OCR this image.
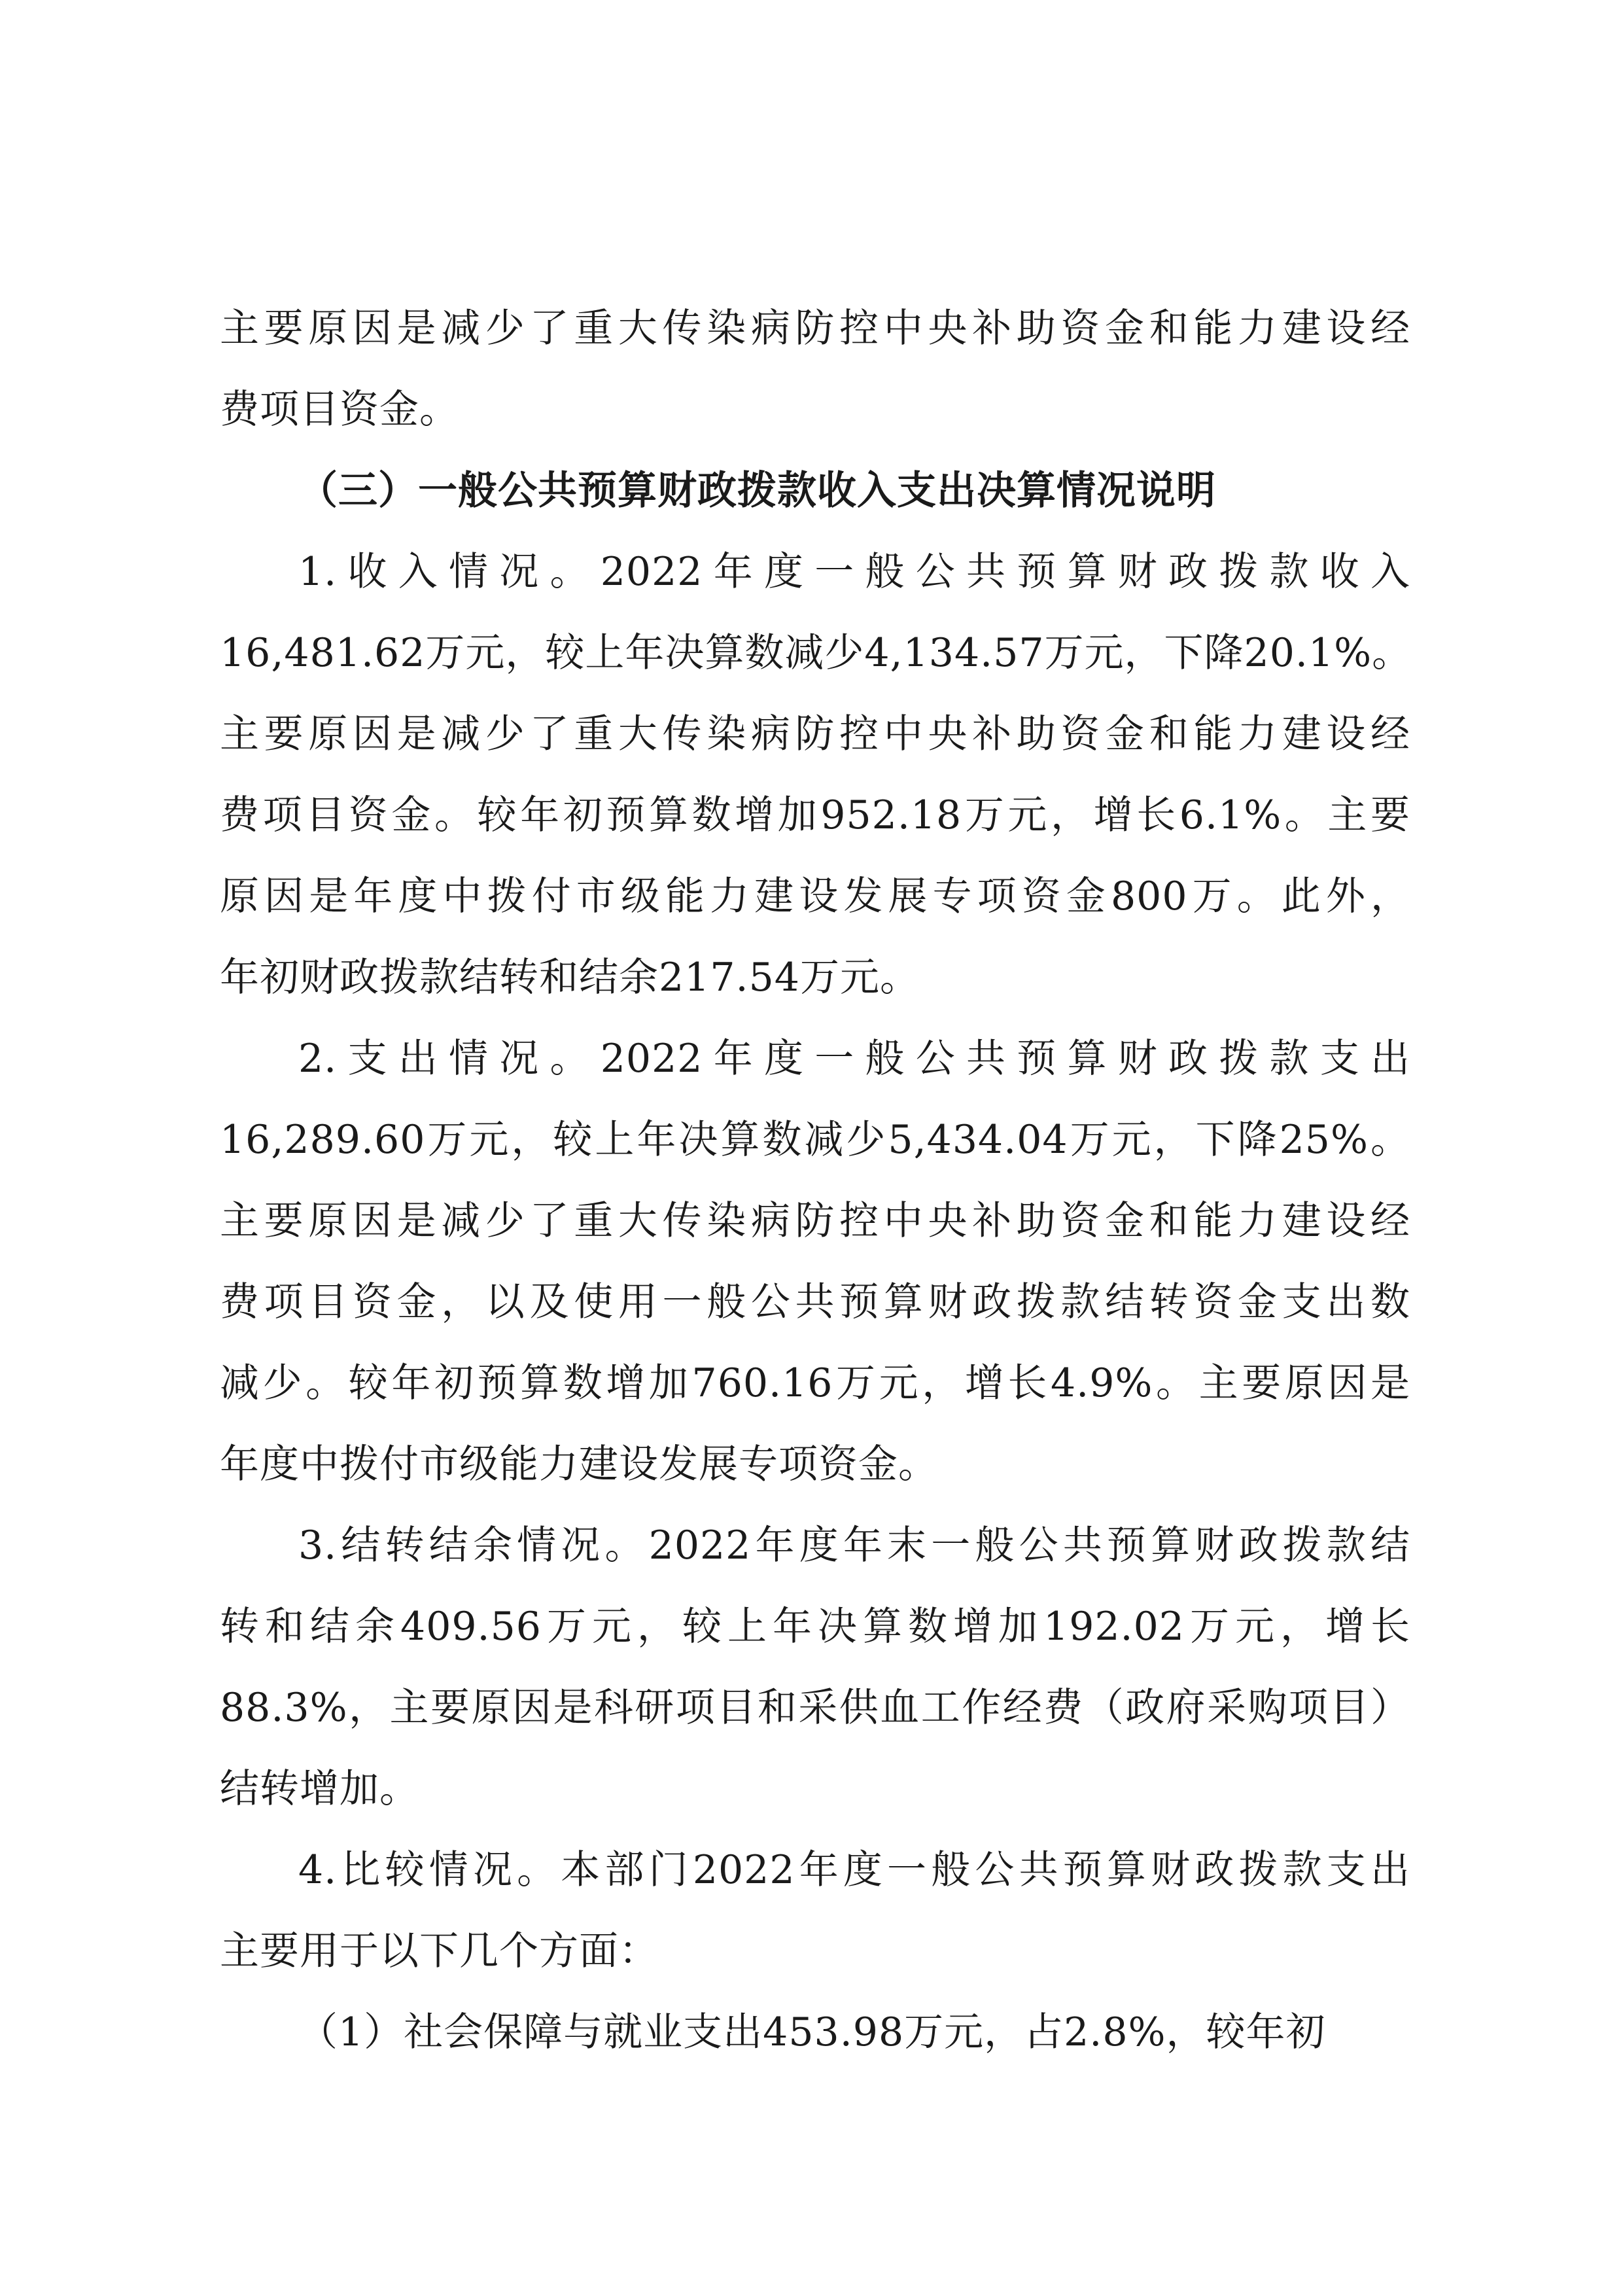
主要原因是减少了重大传染病防控中央补助资金和能力建设经
费项目资金。
（三）一般公共预算财政拨款收入支出决算情况说明
1.收入情况。2022年度一般公共预算财政拨款收入
16,481.62万元，较上年决算数减少4,134.57万元，下降20.1%。
主要原因是减少了重大传染病防控中央补助资金和能力建设经
费项目资金。较年初预算数增加952.18万元，增长6.1%。主要
原因是年度中拨付市级能力建设发展专项资金800万。此外，
年初财政拨款结转和结余217.54万元。
2.支出情况。2022年度一般公共预算财政拨款支出
16,289.60万元，较上年决算数减少5,434.04万元，下降25%。
主要原因是减少了重大传染病防控中央补助资金和能力建设经
费项目资金，以及使用一般公共预算财政拨款结转资金支出数
减少。较年初预算数增加760.16万元，增长4.9%。主要原因是
年度中拨付市级能力建设发展专项资金。
3.结转结余情况。2022年度年末一般公共预算财政拨款结
转和结余409.56万元，较上年决算数增加192.02万元，增长
88.3%，主要原因是科研项目和采供血工作经费（政府采购项目）
结转增加。
4.比较情况。本部门2022年度一般公共预算财政拨款支出
主要用于以下几个方面：
（1）社会保障与就业支出453.98万元，占2.8%，较年初
